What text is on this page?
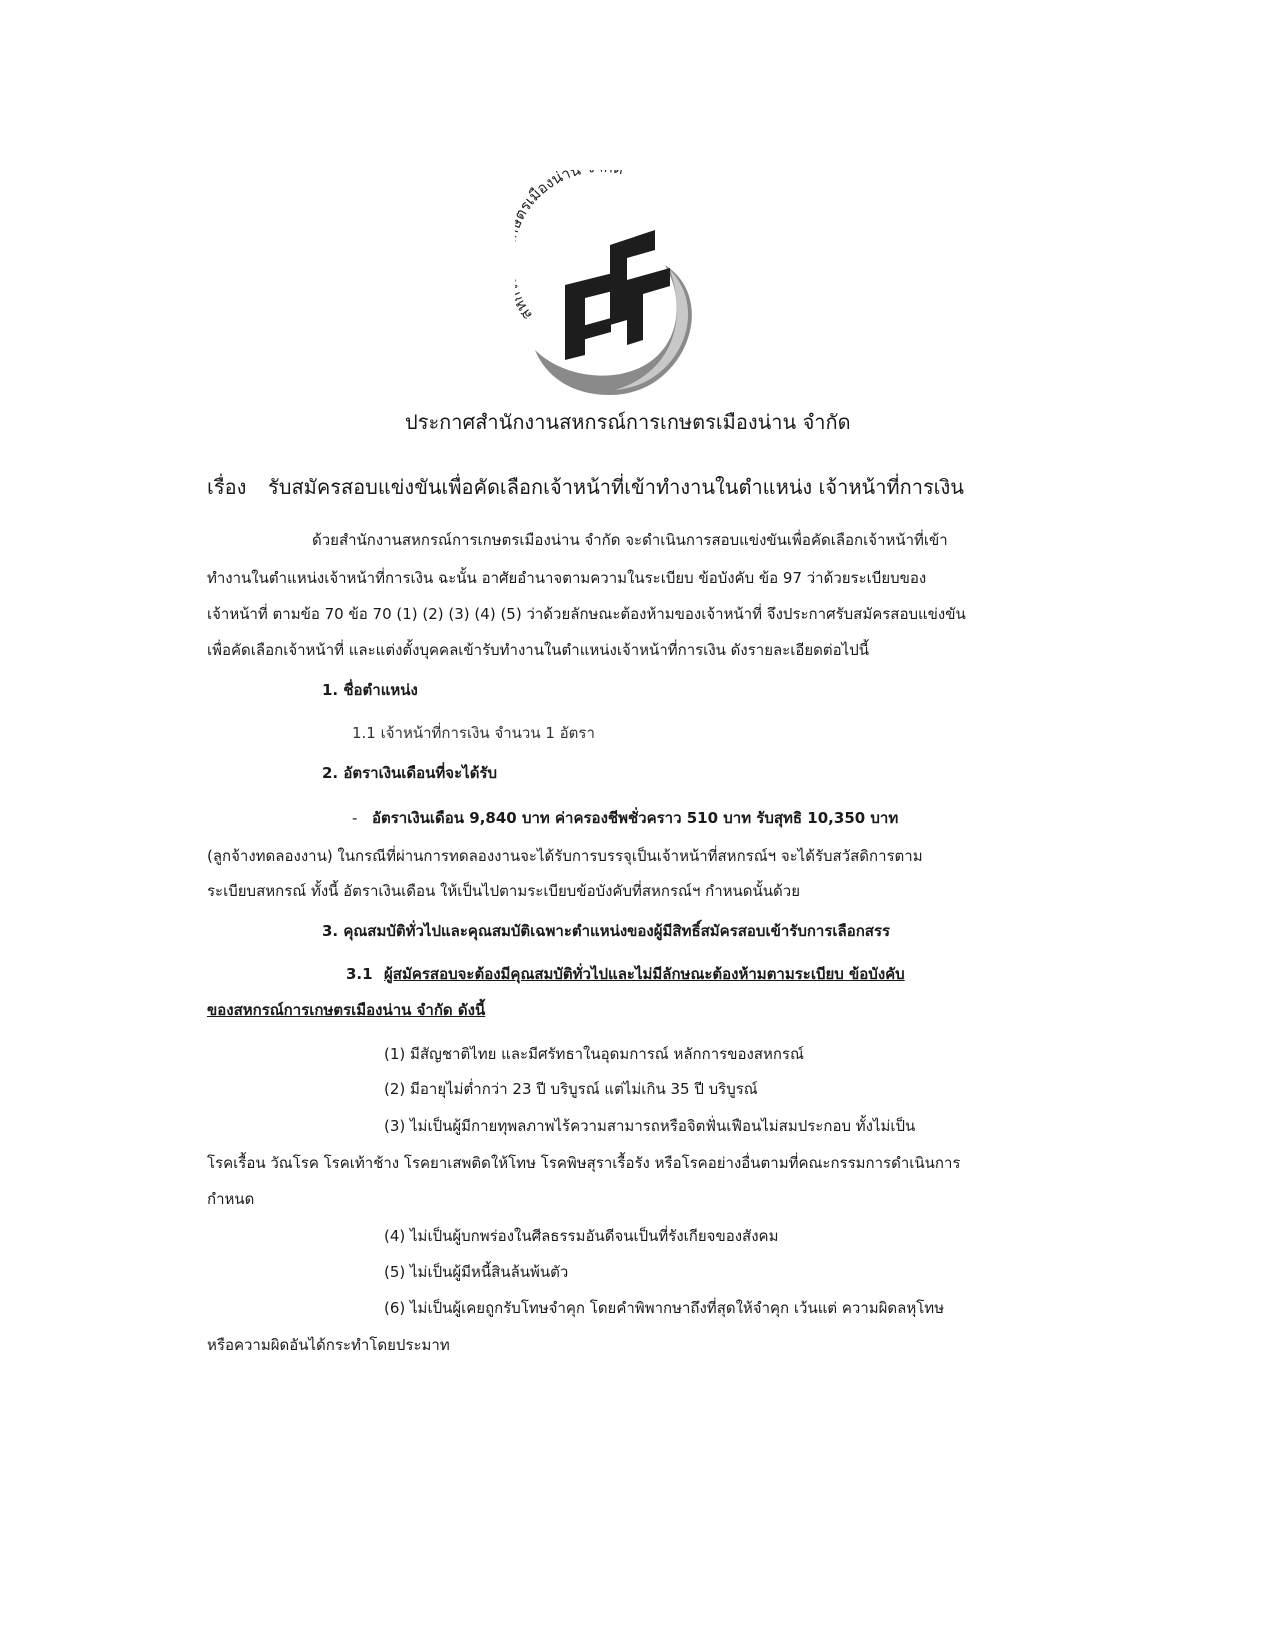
ส รเมืองน่าน
ประกาศสำนักงานสหกรณ์การเกษตรเมืองน่าน จำกัด
เรื่อง รับสมัครสอบแข่งขันเพื่อคัดเลือกเจ้าหน้าที่เข้าทำงานในตำแหน่ง เจ้าหน้าที่การเงิน
ด้วยสำนักงานสหกรณ์การเกษตรเมืองน่าน จำกัด จะดำเนินการสอบแข่งขันเพื่อคัดเลือกเจ้าหน้าที่เข้า
ทำงานในตำแหน่งเจ้าหน้าที่การเงิน ฉะนั้น อาศัยอำนาจตามความในระเบียบ ข้อบังคับ ข้อ 97 ว่าด้วยระเบียบของ
เจ้าหน้าที่ ตามข้อ 70 ข้อ 70 (1) (2) (3) (4) (5) ว่าด้วยลักษณะต้องห้ามของเจ้าหน้าที่ จึงประกาศรับสมัครสอบแข่งขัน
เพื่อคัดเลือกเจ้าหน้าที่ และแต่งตั้งบุคคลเข้ารับทำงานในตำแหน่งเจ้าหน้าที่การเงิน ดังรายละเอียดต่อไปนี้
1. ชื่อตำแหน่ง
1.1 เจ้าหน้าที่การเงิน จำนวน 1 อัตรา
2. อัตราเงินเดือนที่จะได้รับ
- อัตราเงินเดือน 9,840 บาท ค่าครองชีพชั่วคราว 510 บาท รับสุทธิ 10,350 บาท
(ลูกจ้างทดลองงาน) ในกรณีที่ผ่านการทดลองงานจะได้รับการบรรจุเป็นเจ้าหน้าที่สหกรณ์ฯ จะได้รับสวัสดิการตาม
ระเบียบสหกรณ์ ทั้งนี้ อัตราเงินเดือน ให้เป็นไปตามระเบียบข้อบังคับที่สหกรณ์ฯ กำหนดนั้นด้วย
3. คุณสมบัติทั่วไปและคุณสมบัติเฉพาะตำแหน่งของผู้มีสิทธิ์สมัครสอบเข้ารับการเลือกสรร
3.1 ผู้สมัครสอบจะต้องมีคุณสมบัติทั่วไปและไม่มีลักษณะต้องห้ามตามระเบียบ ข้อบังคับ
ของสหกรณ์การเกษตรเมืองน่าน จำกัด ดังนี้
(1) มีสัญชาติไทย และมีศรัทธาในอุดมการณ์ หลักการของสหกรณ์
(2) มีอายุไม่ต่ำกว่า 23 ปี บริบูรณ์ แต่ไม่เกิน 35 ปี บริบูรณ์
(3) ไม่เป็นผู้มีกายทุพลภาพไร้ความสามารถหรือจิตฟั่นเฟือนไม่สมประกอบ ทั้งไม่เป็น
โรคเรื้อน วัณโรค โรคเท้าช้าง โรคยาเสพติดให้โทษ โรคพิษสุราเรื้อรัง หรือโรคอย่างอื่นตามที่คณะกรรมการดำเนินการ
กำหนด
(4) ไม่เป็นผู้บกพร่องในศีลธรรมอันดีจนเป็นที่รังเกียจของสังคม
(5) ไม่เป็นผู้มีหนี้สินล้นพ้นตัว
(6) ไม่เป็นผู้เคยถูกรับโทษจำคุก โดยคำพิพากษาถึงที่สุดให้จำคุก เว้นแต่ ความผิดลหุโทษ
หรือความผิดอันได้กระทำโดยประมาท
